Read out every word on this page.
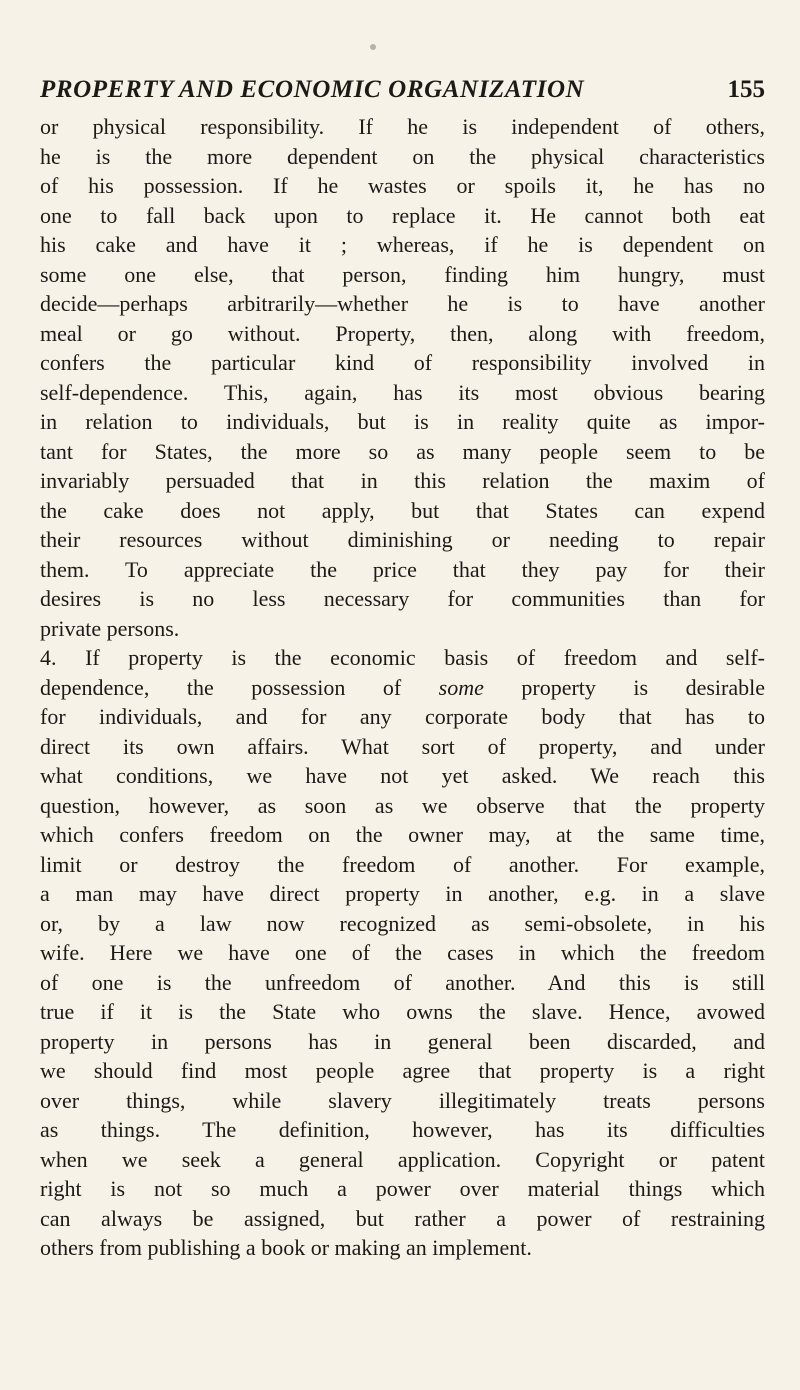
PROPERTY AND ECONOMIC ORGANIZATION	155
or physical responsibility. If he is independent of others,
he is the more dependent on the physical characteristics
of his possession. If he wastes or spoils it, he has no
one to fall back upon to replace it. He cannot both eat
his cake and have it ; whereas, if he is dependent on
some one else, that person, finding him hungry, must
decide—perhaps arbitrarily—whether he is to have another
meal or go without. Property, then, along with freedom,
confers the particular kind of responsibility involved in
self-dependence. This, again, has its most obvious bearing
in relation to individuals, but is in reality quite as impor-
tant for States, the more so as many people seem to be
invariably persuaded that in this relation the maxim of
the cake does not apply, but that States can expend
their resources without diminishing or needing to repair
them. To appreciate the price that they pay for their
desires is no less necessary for communities than for
private persons.
4. If property is the economic basis of freedom and self-
dependence, the possession of some property is desirable
for individuals, and for any corporate body that has to
direct its own affairs. What sort of property, and under
what conditions, we have not yet asked. We reach this
question, however, as soon as we observe that the property
which confers freedom on the owner may, at the same time,
limit or destroy the freedom of another. For example,
a man may have direct property in another, e.g. in a slave
or, by a law now recognized as semi-obsolete, in his
wife. Here we have one of the cases in which the freedom
of one is the unfreedom of another. And this is still
true if it is the State who owns the slave. Hence, avowed
property in persons has in general been discarded, and
we should find most people agree that property is a right
over things, while slavery illegitimately treats persons
as things. The definition, however, has its difficulties
when we seek a general application. Copyright or patent
right is not so much a power over material things which
can always be assigned, but rather a power of restraining
others from publishing a book or making an implement.
